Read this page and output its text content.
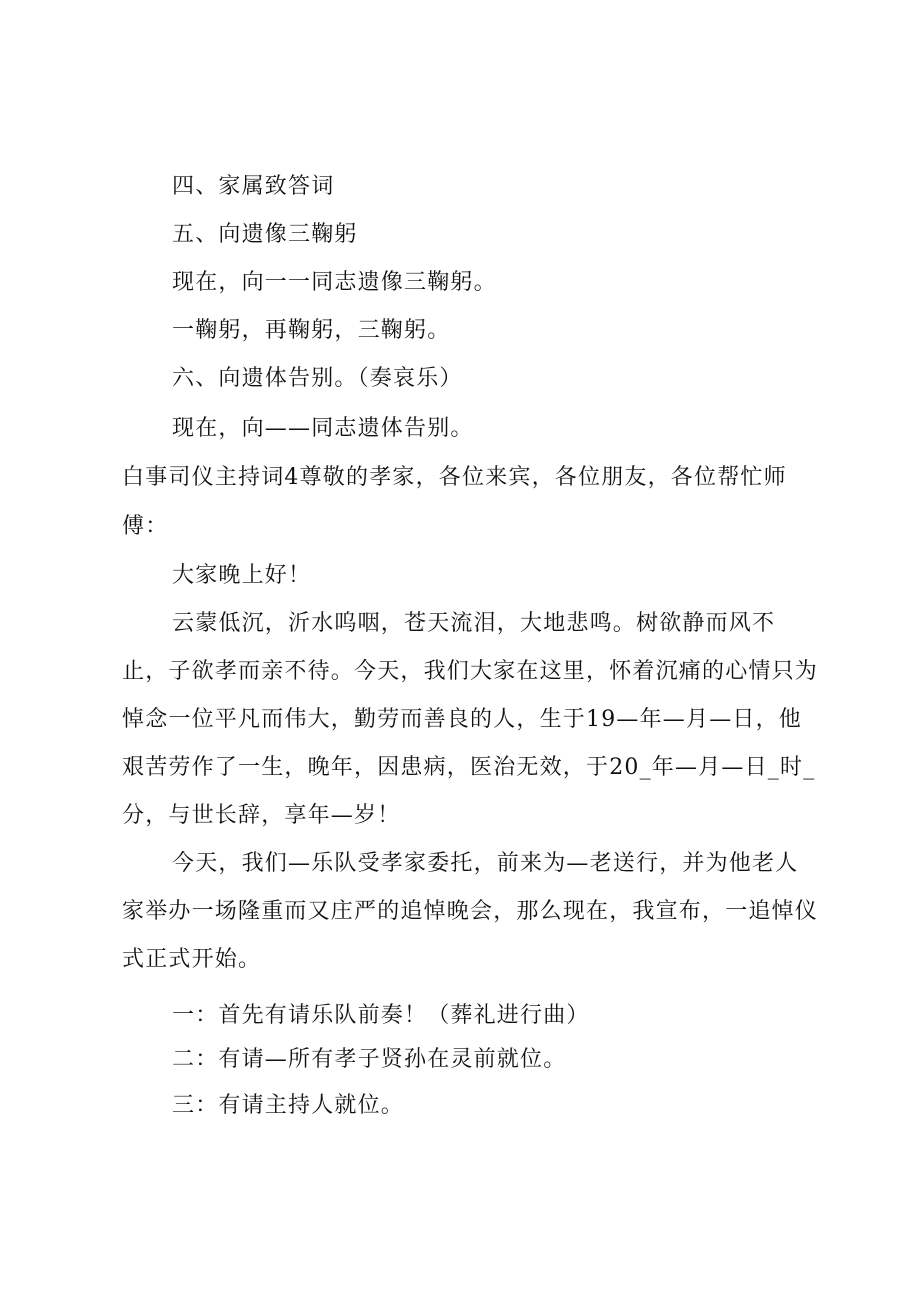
四、家属致答词
五、向遗像三鞠躬
现在，向一一同志遗像三鞠躬。
一鞠躬，再鞠躬，三鞠躬。
六、向遗体告别。（奏哀乐）
现在，向——同志遗体告别。
白事司仪主持词4尊敬的孝家，各位来宾，各位朋友，各位帮忙师
傅：
大家晚上好！
云蒙低沉，沂水呜咽，苍天流泪，大地悲鸣。树欲静而风不
止，子欲孝而亲不待。今天，我们大家在这里，怀着沉痛的心情只为
悼念一位平凡而伟大，勤劳而善良的人，生于19—年—月—日，他
艰苦劳作了一生，晚年，因患病，医治无效，于20_年—月—日_时_
分，与世长辞，享年—岁！
今天，我们—乐队受孝家委托，前来为—老送行，并为他老人
家举办一场隆重而又庄严的追悼晚会，那么现在，我宣布，一追悼仪
式正式开始。
一：首先有请乐队前奏！（葬礼进行曲）
二：有请—所有孝子贤孙在灵前就位。
三：有请主持人就位。
